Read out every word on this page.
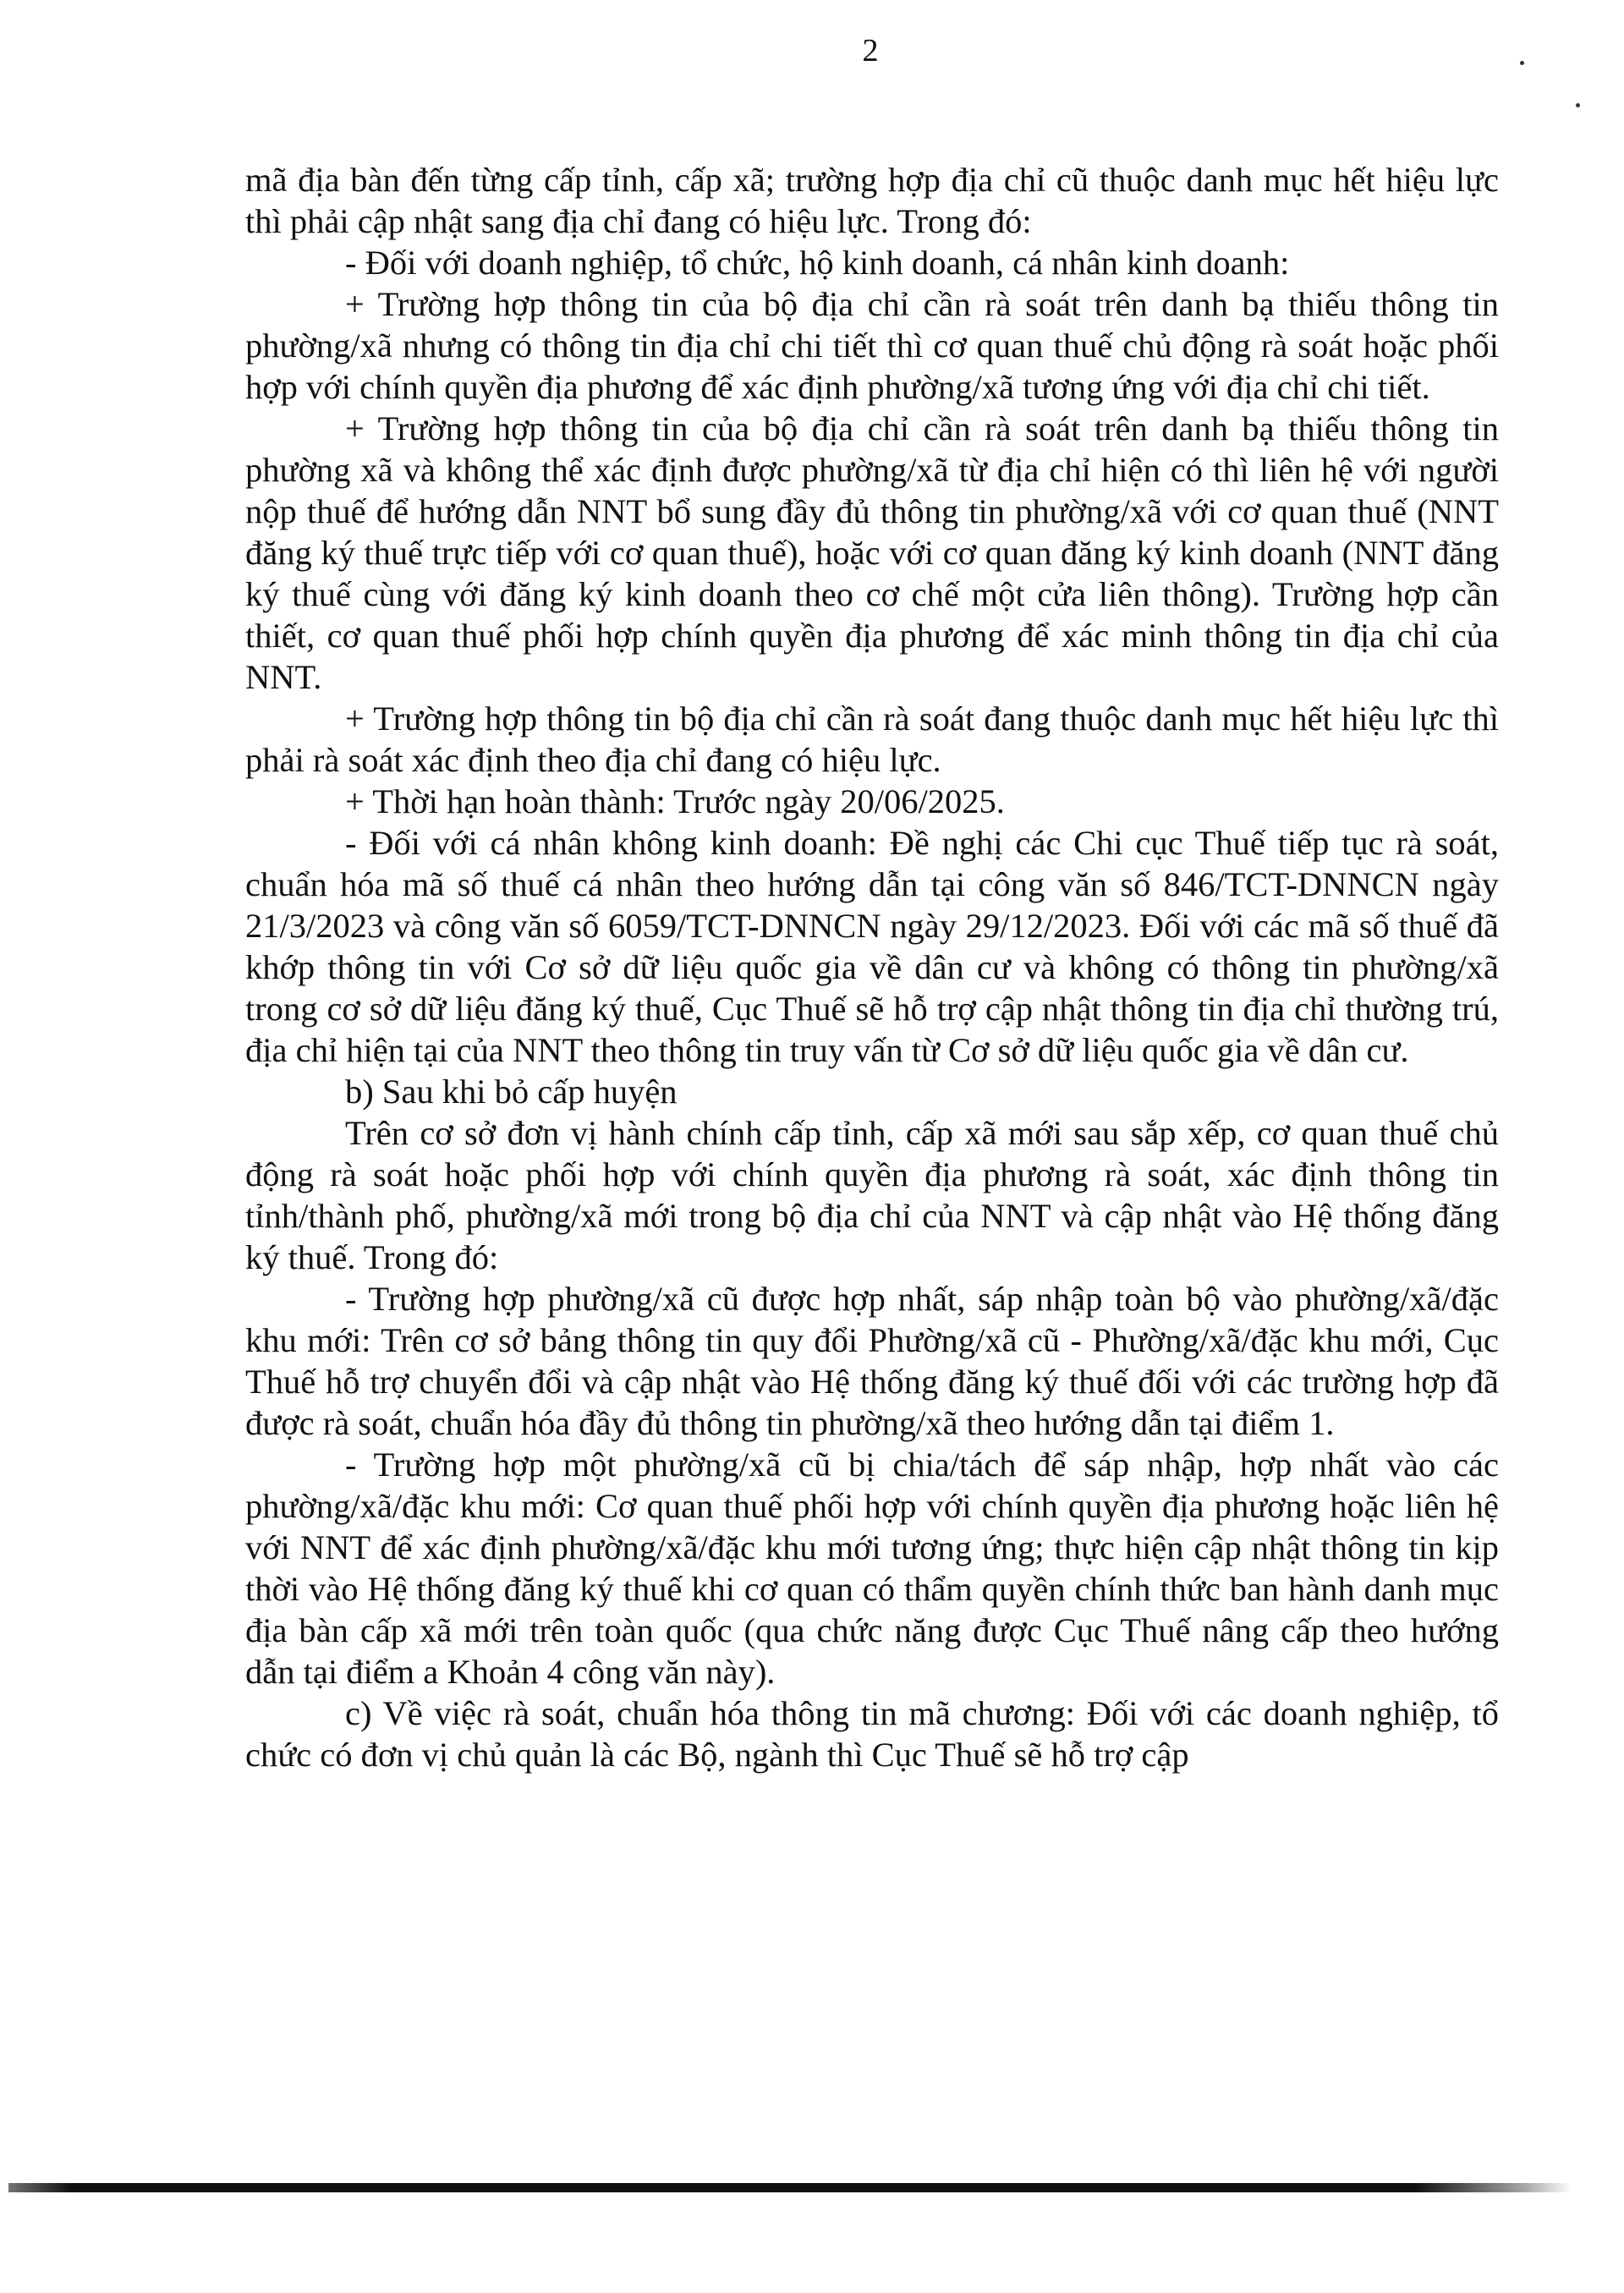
2

mã địa bàn đến từng cấp tỉnh, cấp xã; trường hợp địa chỉ cũ thuộc danh mục hết hiệu lực thì phải cập nhật sang địa chỉ đang có hiệu lực. Trong đó:

- Đối với doanh nghiệp, tổ chức, hộ kinh doanh, cá nhân kinh doanh:

+ Trường hợp thông tin của bộ địa chỉ cần rà soát trên danh bạ thiếu thông tin phường/xã nhưng có thông tin địa chỉ chi tiết thì cơ quan thuế chủ động rà soát hoặc phối hợp với chính quyền địa phương để xác định phường/xã tương ứng với địa chỉ chi tiết.

+ Trường hợp thông tin của bộ địa chỉ cần rà soát trên danh bạ thiếu thông tin phường xã và không thể xác định được phường/xã từ địa chỉ hiện có thì liên hệ với người nộp thuế để hướng dẫn NNT bổ sung đầy đủ thông tin phường/xã với cơ quan thuế (NNT đăng ký thuế trực tiếp với cơ quan thuế), hoặc với cơ quan đăng ký kinh doanh (NNT đăng ký thuế cùng với đăng ký kinh doanh theo cơ chế một cửa liên thông). Trường hợp cần thiết, cơ quan thuế phối hợp chính quyền địa phương để xác minh thông tin địa chỉ của NNT.

+ Trường hợp thông tin bộ địa chỉ cần rà soát đang thuộc danh mục hết hiệu lực thì phải rà soát xác định theo địa chỉ đang có hiệu lực.

+ Thời hạn hoàn thành: Trước ngày 20/06/2025.

- Đối với cá nhân không kinh doanh: Đề nghị các Chi cục Thuế tiếp tục rà soát, chuẩn hóa mã số thuế cá nhân theo hướng dẫn tại công văn số 846/TCT-DNNCN ngày 21/3/2023 và công văn số 6059/TCT-DNNCN ngày 29/12/2023. Đối với các mã số thuế đã khớp thông tin với Cơ sở dữ liệu quốc gia về dân cư và không có thông tin phường/xã trong cơ sở dữ liệu đăng ký thuế, Cục Thuế sẽ hỗ trợ cập nhật thông tin địa chỉ thường trú, địa chỉ hiện tại của NNT theo thông tin truy vấn từ Cơ sở dữ liệu quốc gia về dân cư.

b) Sau khi bỏ cấp huyện

Trên cơ sở đơn vị hành chính cấp tỉnh, cấp xã mới sau sắp xếp, cơ quan thuế chủ động rà soát hoặc phối hợp với chính quyền địa phương rà soát, xác định thông tin tỉnh/thành phố, phường/xã mới trong bộ địa chỉ của NNT và cập nhật vào Hệ thống đăng ký thuế. Trong đó:

- Trường hợp phường/xã cũ được hợp nhất, sáp nhập toàn bộ vào phường/xã/đặc khu mới: Trên cơ sở bảng thông tin quy đổi Phường/xã cũ - Phường/xã/đặc khu mới, Cục Thuế hỗ trợ chuyển đổi và cập nhật vào Hệ thống đăng ký thuế đối với các trường hợp đã được rà soát, chuẩn hóa đầy đủ thông tin phường/xã theo hướng dẫn tại điểm 1.

- Trường hợp một phường/xã cũ bị chia/tách để sáp nhập, hợp nhất vào các phường/xã/đặc khu mới: Cơ quan thuế phối hợp với chính quyền địa phương hoặc liên hệ với NNT để xác định phường/xã/đặc khu mới tương ứng; thực hiện cập nhật thông tin kịp thời vào Hệ thống đăng ký thuế khi cơ quan có thẩm quyền chính thức ban hành danh mục địa bàn cấp xã mới trên toàn quốc (qua chức năng được Cục Thuế nâng cấp theo hướng dẫn tại điểm a Khoản 4 công văn này).

c) Về việc rà soát, chuẩn hóa thông tin mã chương: Đối với các doanh nghiệp, tổ chức có đơn vị chủ quản là các Bộ, ngành thì Cục Thuế sẽ hỗ trợ cập
